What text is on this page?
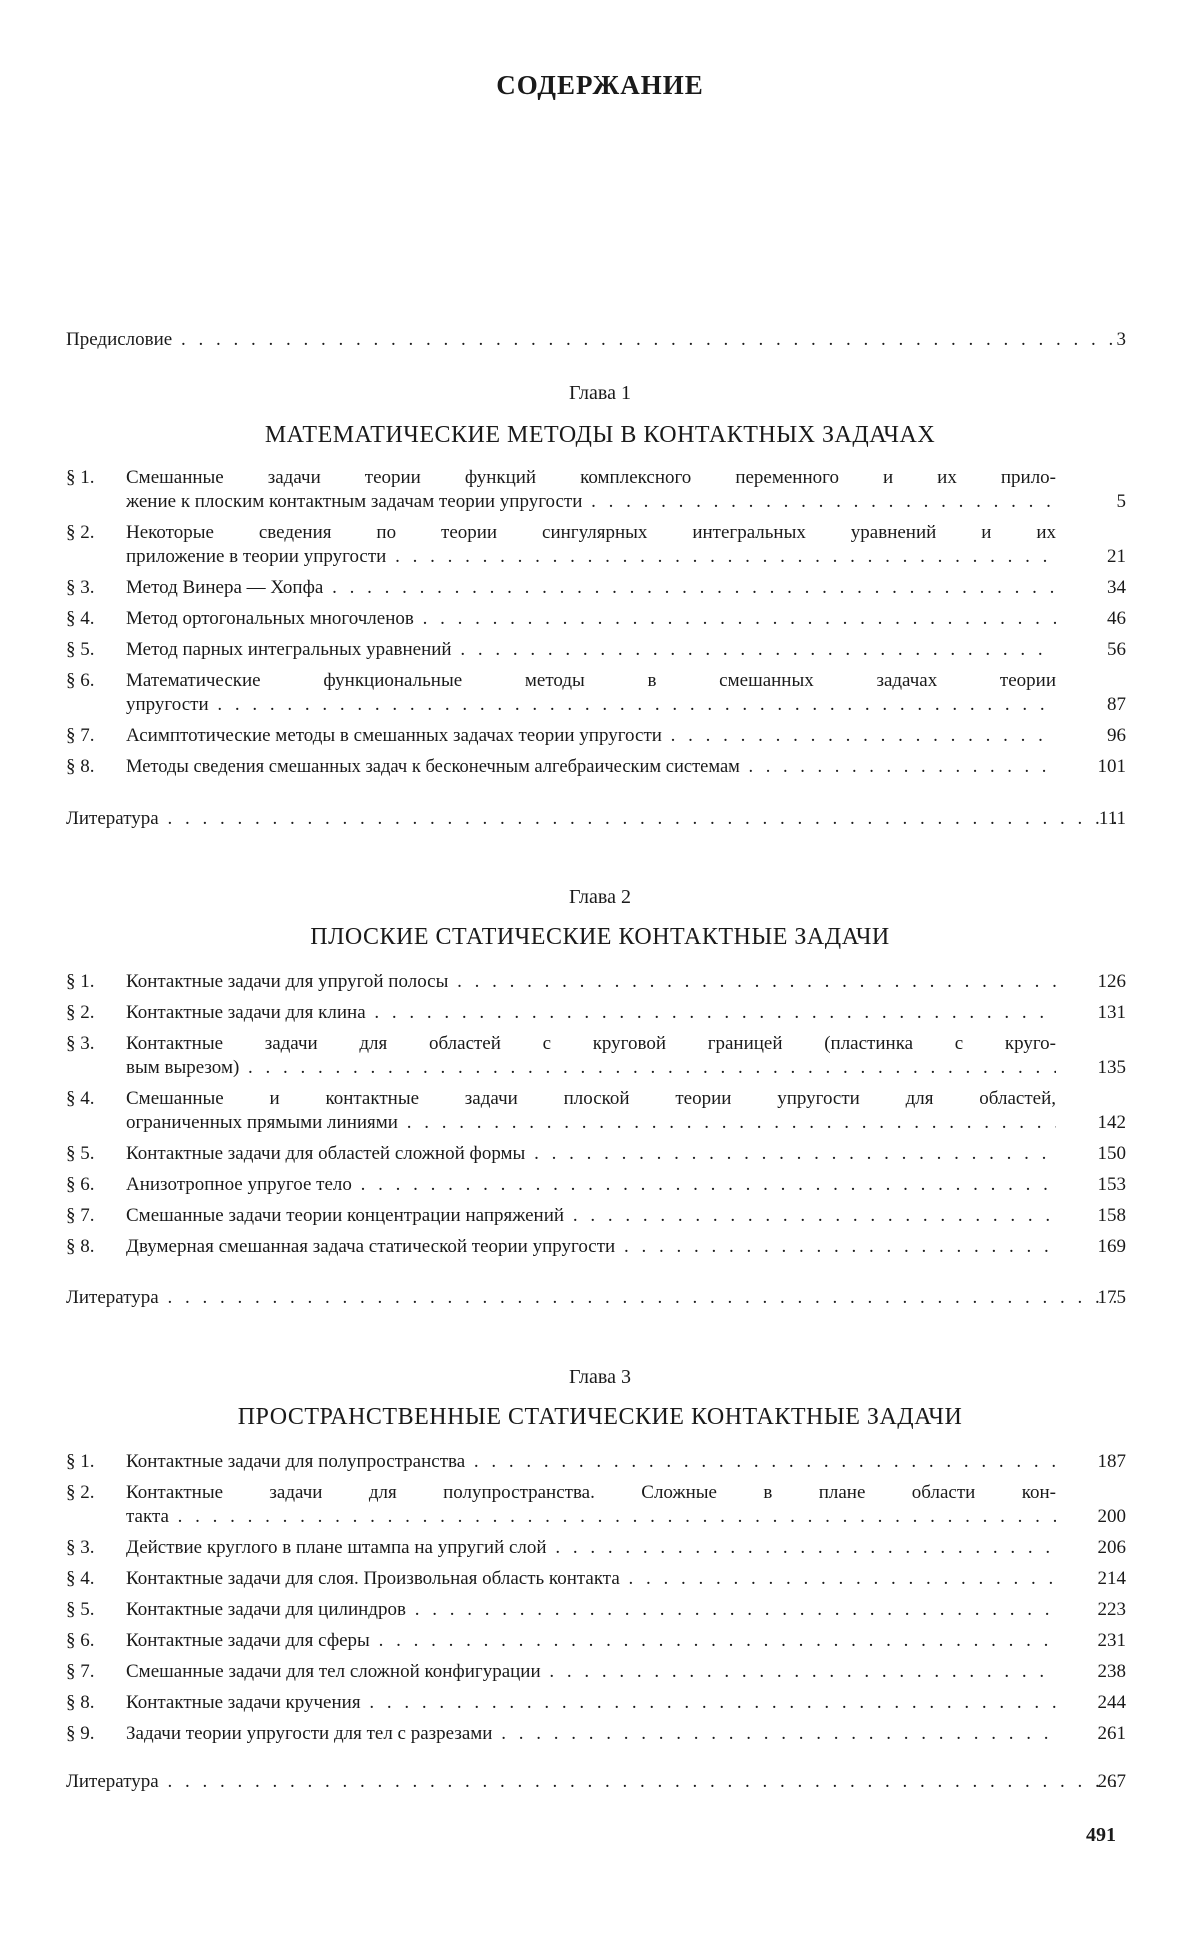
СОДЕРЖАНИЕ
Предисловие . . .	3
Глава 1
МАТЕМАТИЧЕСКИЕ МЕТОДЫ В КОНТАКТНЫХ ЗАДАЧАХ
§ 1.	Смешанные задачи теории функций комплексного переменного и их прило-
жение к плоским контактным задачам теории упругости . . .	5
§ 2.	Некоторые сведения по теории сингулярных интегральных уравнений и их
приложение в теории упругости . . .	21
§ 3.	Метод Винера — Хопфа . . .	34
§ 4.	Метод ортогональных многочленов . . .	46
§ 5.	Метод парных интегральных уравнений . . .	56
§ 6.	Математические функциональные методы в смешанных задачах теории
упругости . . .	87
§ 7.	Асимптотические методы в смешанных задачах теории упругости . . .	96
§ 8.	Методы сведения смешанных задач к бесконечным алгебраическим системам . . .	101
Литература . . .	111
Глава 2
ПЛОСКИЕ СТАТИЧЕСКИЕ КОНТАКТНЫЕ ЗАДАЧИ
§ 1.	Контактные задачи для упругой полосы . . .	126
§ 2.	Контактные задачи для клина . . .	131
§ 3.	Контактные задачи для областей с круговой границей (пластинка с круго-
вым вырезом) . . .	135
§ 4.	Смешанные и контактные задачи плоской теории упругости для областей,
ограниченных прямыми линиями . . .	142
§ 5.	Контактные задачи для областей сложной формы . . .	150
§ 6.	Анизотропное упругое тело . . .	153
§ 7.	Смешанные задачи теории концентрации напряжений . . .	158
§ 8.	Двумерная смешанная задача статической теории упругости . . .	169
Литература . . .	175
Глава 3
ПРОСТРАНСТВЕННЫЕ СТАТИЧЕСКИЕ КОНТАКТНЫЕ ЗАДАЧИ
§ 1.	Контактные задачи для полупространства . . .	187
§ 2.	Контактные задачи для полупространства. Сложные в плане области кон-
такта . . .	200
§ 3.	Действие круглого в плане штампа на упругий слой . . .	206
§ 4.	Контактные задачи для слоя. Произвольная область контакта . . .	214
§ 5.	Контактные задачи для цилиндров . . .	223
§ 6.	Контактные задачи для сферы . . .	231
§ 7.	Смешанные задачи для тел сложной конфигурации . . .	238
§ 8.	Контактные задачи кручения . . .	244
§ 9.	Задачи теории упругости для тел с разрезами . . .	261
Литература . . .	267
491
